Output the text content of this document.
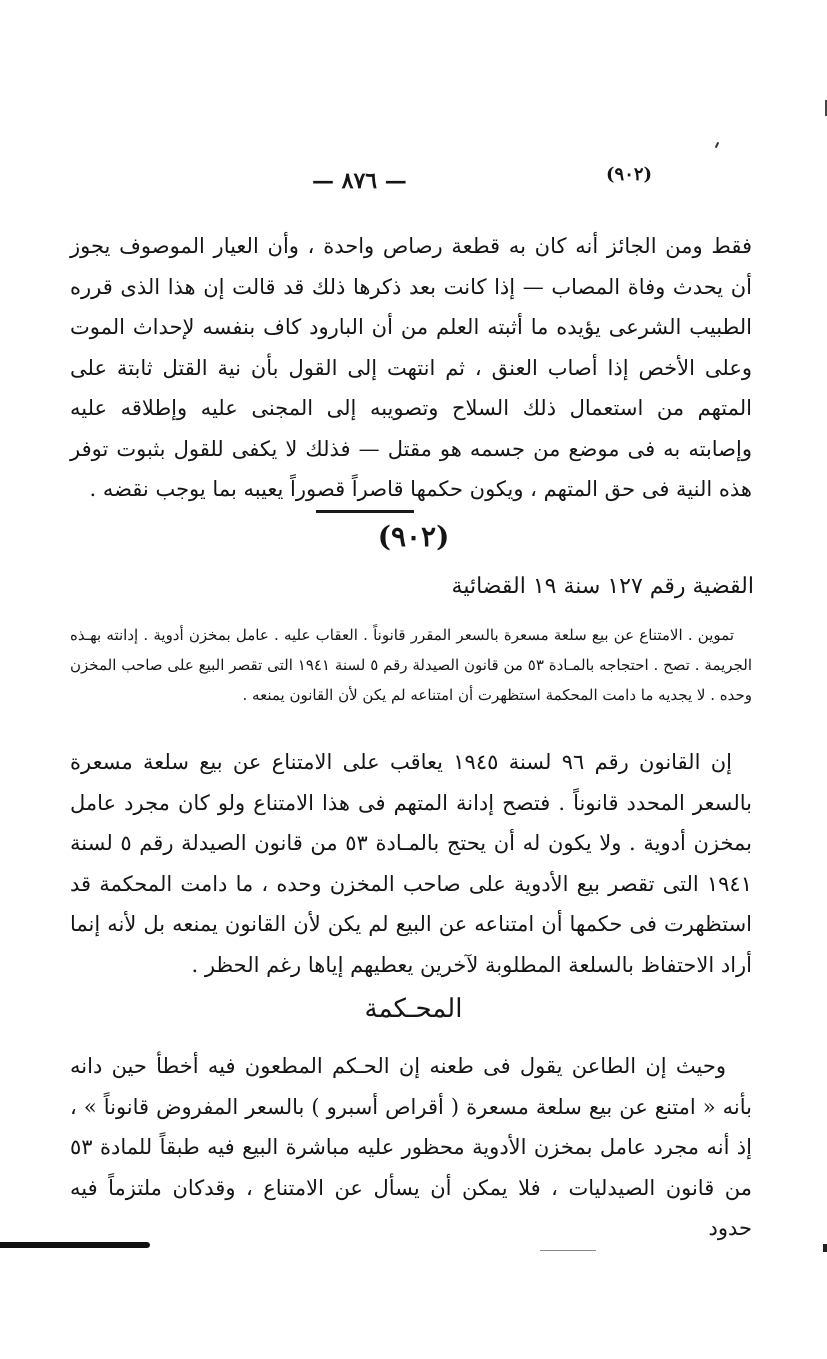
— ٨٧٦ —	(٩٠٢)

فقط ومن الجائز أنه كان به قطعة رصاص واحدة ، وأن العيار الموصوف يجوز أن يحدث وفاة المصاب — إذا كانت بعد ذكرها ذلك قد قالت إن هذا الذى قرره الطبيب الشرعى يؤيده ما أثبته العلم من أن البارود كاف بنفسه لإحداث الموت وعلى الأخص إذا أصاب العنق ، ثم انتهت إلى القول بأن نية القتل ثابتة على المتهم من استعمال ذلك السلاح وتصويبه إلى المجنى عليه وإطلاقه عليه وإصابته به فى موضع من جسمه هو مقتل — فذلك لا يكفى للقول بثبوت توفر هذه النية فى حق المتهم ، ويكون حكمها قاصراً قصوراً يعيبه بما يوجب نقضه .

(٩٠٢)
القضية رقم ١٢٧ سنة ١٩ القضائية

تموين . الامتناع عن بيع سلعة مسعرة بالسعر المقرر قانوناً . العقاب عليه . عامل بمخزن أدوية . إدانته بهـذه الجريمة . تصح . احتجاجه بالمـادة ٥٣ من قانون الصيدلة رقم ٥ لسنة ١٩٤١ التى تقصر البيع على صاحب المخزن وحده . لا يجديه ما دامت المحكمة استظهرت أن امتناعه لم يكن لأن القانون يمنعه .

إن القانون رقم ٩٦ لسنة ١٩٤٥ يعاقب على الامتناع عن بيع سلعة مسعرة بالسعر المحدد قانوناً . فتصح إدانة المتهم فى هذا الامتناع ولو كان مجرد عامل بمخزن أدوية . ولا يكون له أن يحتج بالمـادة ٥٣ من قانون الصيدلة رقم ٥ لسنة ١٩٤١ التى تقصر بيع الأدوية على صاحب المخزن وحده ، ما دامت المحكمة قد استظهرت فى حكمها أن امتناعه عن البيع لم يكن لأن القانون يمنعه بل لأنه إنما أراد الاحتفاظ بالسلعة المطلوبة لآخرين يعطيهم إياها رغم الحظر .

المحـكمة

وحيث إن الطاعن يقول فى طعنه إن الحـكم المطعون فيه أخطأ حين دانه بأنه « امتنع عن بيع سلعة مسعرة ( أقراص أسبرو ) بالسعر المفروض قانوناً » ، إذ أنه مجرد عامل بمخزن الأدوية محظور عليه مباشرة البيع فيه طبقاً للمادة ٥٣ من قانون الصيدليات ، فلا يمكن أن يسأل عن الامتناع ، وقدكان ملتزماً فيه حدود
